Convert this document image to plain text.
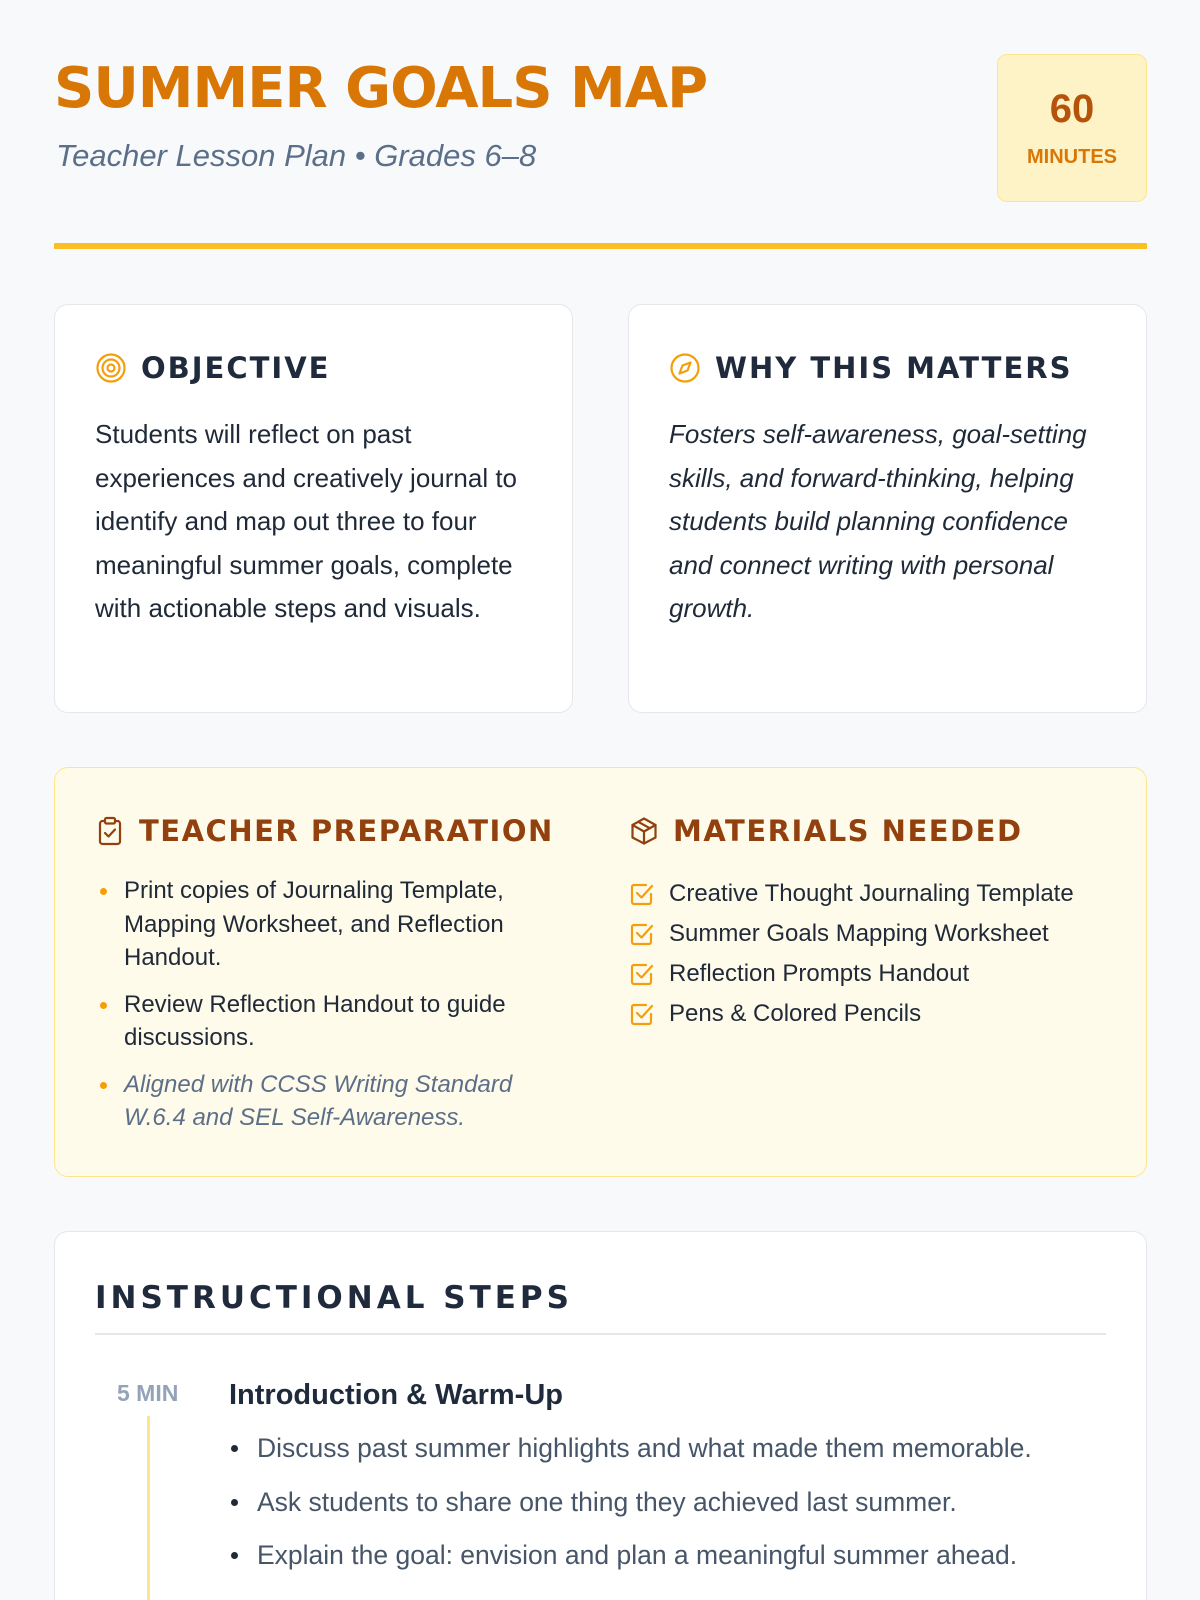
SUMMER GOALS MAP
Teacher Lesson Plan • Grades 6–8
60
MINUTES
OBJECTIVE

Students will reflect on past experiences and creatively journal to identify and map out three to four meaningful summer goals, complete with actionable steps and visuals.

WHY THIS MATTERS

Fosters self-awareness, goal-setting skills, and forward-thinking, helping students build planning confidence and connect writing with personal growth.

TEACHER PREPARATION
Print copies of Journaling Template, Mapping Worksheet, and Reflection Handout.
Review Reflection Handout to guide discussions.
Aligned with CCSS Writing Standard W.6.4 and SEL Self-Awareness.
MATERIALS NEEDED
Creative Thought Journaling Template
Summer Goals Mapping Worksheet
Reflection Prompts Handout
Pens & Colored Pencils
INSTRUCTIONAL STEPS
5 MIN Introduction & Warm-Up
Discuss past summer highlights and what made them memorable.
Ask students to share one thing they achieved last summer.
Explain the goal: envision and plan a meaningful summer ahead.
